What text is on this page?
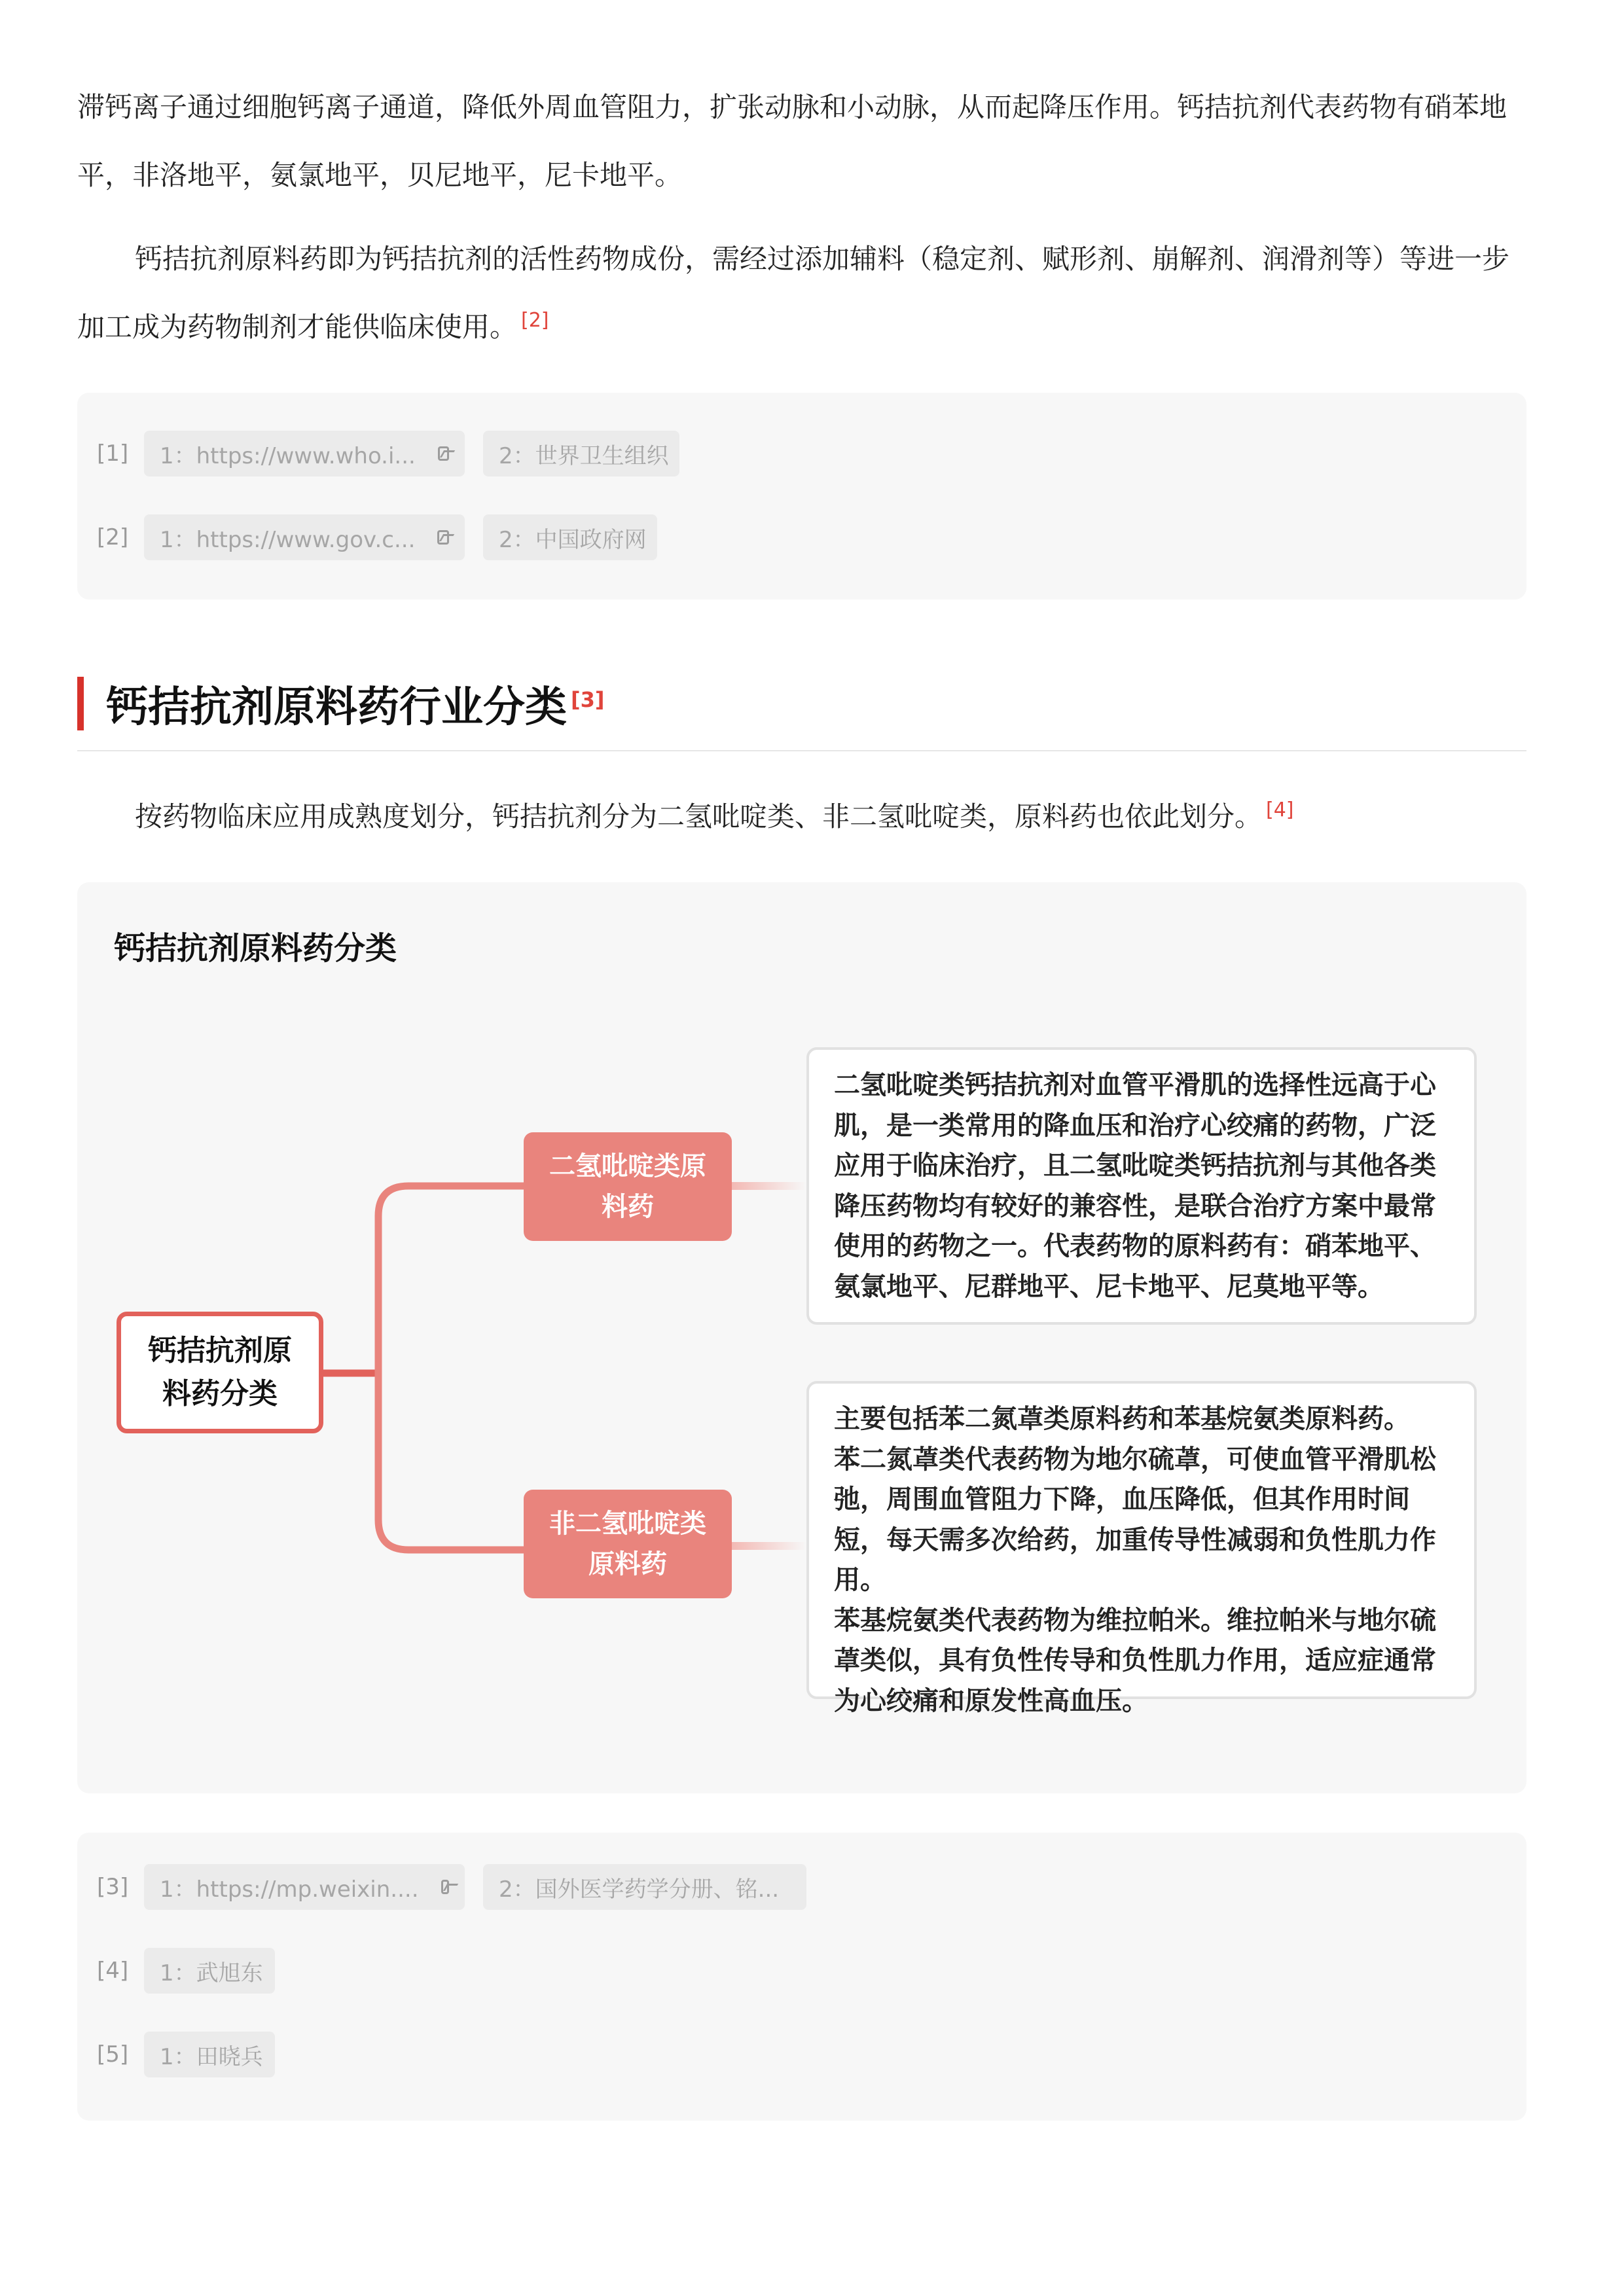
滞钙离子通过细胞钙离子通道，降低外周血管阻力，扩张动脉和小动脉，从而起降压作用。钙拮抗剂代表药物有硝苯地平，非洛地平，氨氯地平，贝尼地平，尼卡地平。

钙拮抗剂原料药即为钙拮抗剂的活性药物成份，需经过添加辅料（稳定剂、赋形剂、崩解剂、润滑剂等）等进一步加工成为药物制剂才能供临床使用。 [2]

[1]	1：https://www.who.i...	2：世界卫生组织
[2]	1：https://www.gov.c...	2：中国政府网
钙拮抗剂原料药行业分类 [3]

按药物临床应用成熟度划分，钙拮抗剂分为二氢吡啶类、非二氢吡啶类，原料药也依此划分。 [4]

钙拮抗剂原料药分类
钙拮抗剂原
料药分类
二氢吡啶类原
料药
非二氢吡啶类
原料药
二氢吡啶类钙拮抗剂对血管平滑肌的选择性远高于心肌，是一类常用的降血压和治疗心绞痛的药物，广泛应用于临床治疗，且二氢吡啶类钙拮抗剂与其他各类降压药物均有较好的兼容性，是联合治疗方案中最常使用的药物之一。代表药物的原料药有：硝苯地平、氨氯地平、尼群地平、尼卡地平、尼莫地平等。
主要包括苯二氮䓬类原料药和苯基烷氨类原料药。
苯二氮䓬类代表药物为地尔硫䓬，可使血管平滑肌松弛，周围血管阻力下降，血压降低，但其作用时间短，每天需多次给药，加重传导性减弱和负性肌力作用。
苯基烷氨类代表药物为维拉帕米。维拉帕米与地尔硫䓬类似，具有负性传导和负性肌力作用，适应症通常为心绞痛和原发性高血压。
[3]	1：https://mp.weixin....	2：国外医学药学分册、铭...
[4]	1：武旭东
[5]	1：田晓兵
